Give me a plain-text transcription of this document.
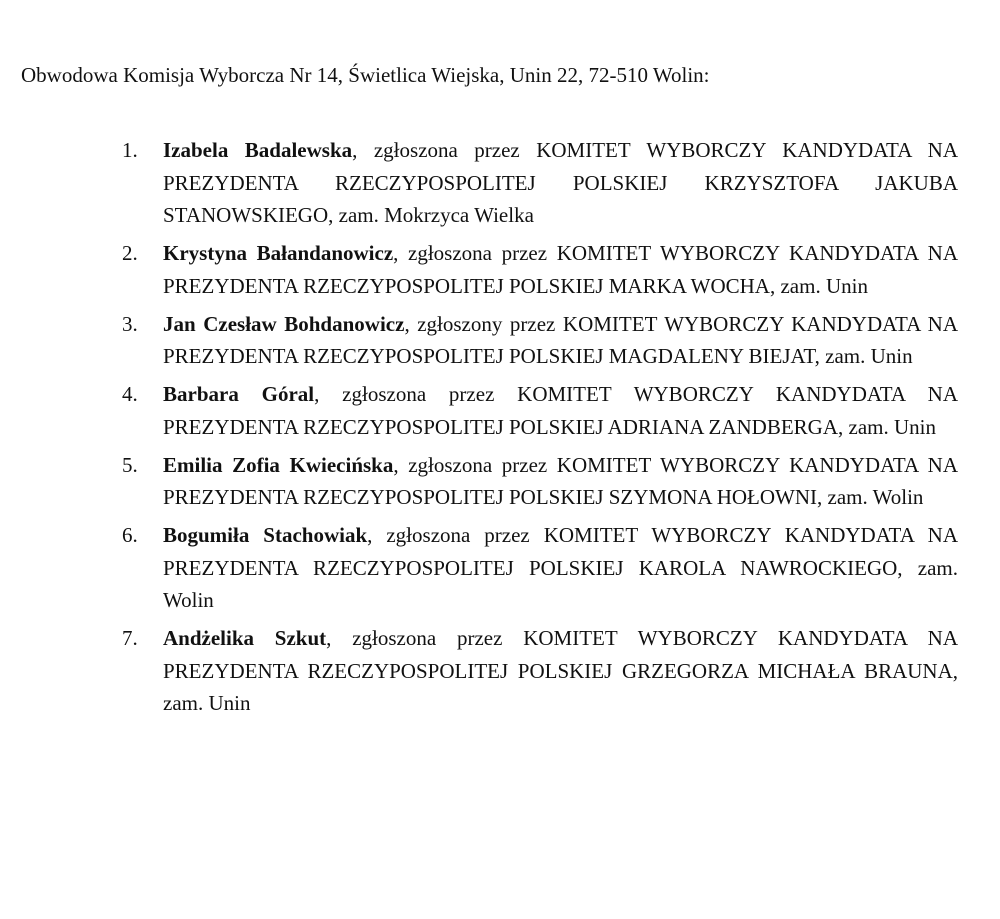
Obwodowa Komisja Wyborcza Nr 14, Świetlica Wiejska, Unin 22, 72-510 Wolin:
1. Izabela Badalewska, zgłoszona przez KOMITET WYBORCZY KANDYDATA NA PREZYDENTA RZECZYPOSPOLITEJ POLSKIEJ KRZYSZTOFA JAKUBA STANOWSKIEGO, zam. Mokrzyca Wielka
2. Krystyna Bałandanowicz, zgłoszona przez KOMITET WYBORCZY KANDYDATA NA PREZYDENTA RZECZYPOSPOLITEJ POLSKIEJ MARKA WOCHA, zam. Unin
3. Jan Czesław Bohdanowicz, zgłoszony przez KOMITET WYBORCZY KANDYDATA NA PREZYDENTA RZECZYPOSPOLITEJ POLSKIEJ MAGDALENY BIEJAT, zam. Unin
4. Barbara Góral, zgłoszona przez KOMITET WYBORCZY KANDYDATA NA PREZYDENTA RZECZYPOSPOLITEJ POLSKIEJ ADRIANA ZANDBERGA, zam. Unin
5. Emilia Zofia Kwiecińska, zgłoszona przez KOMITET WYBORCZY KANDYDATA NA PREZYDENTA RZECZYPOSPOLITEJ POLSKIEJ SZYMONA HOŁOWNI, zam. Wolin
6. Bogumiła Stachowiak, zgłoszona przez KOMITET WYBORCZY KANDYDATA NA PREZYDENTA RZECZYPOSPOLITEJ POLSKIEJ KAROLA NAWROCKIEGO, zam. Wolin
7. Andżelika Szkut, zgłoszona przez KOMITET WYBORCZY KANDYDATA NA PREZYDENTA RZECZYPOSPOLITEJ POLSKIEJ GRZEGORZA MICHAŁA BRAUNA, zam. Unin
